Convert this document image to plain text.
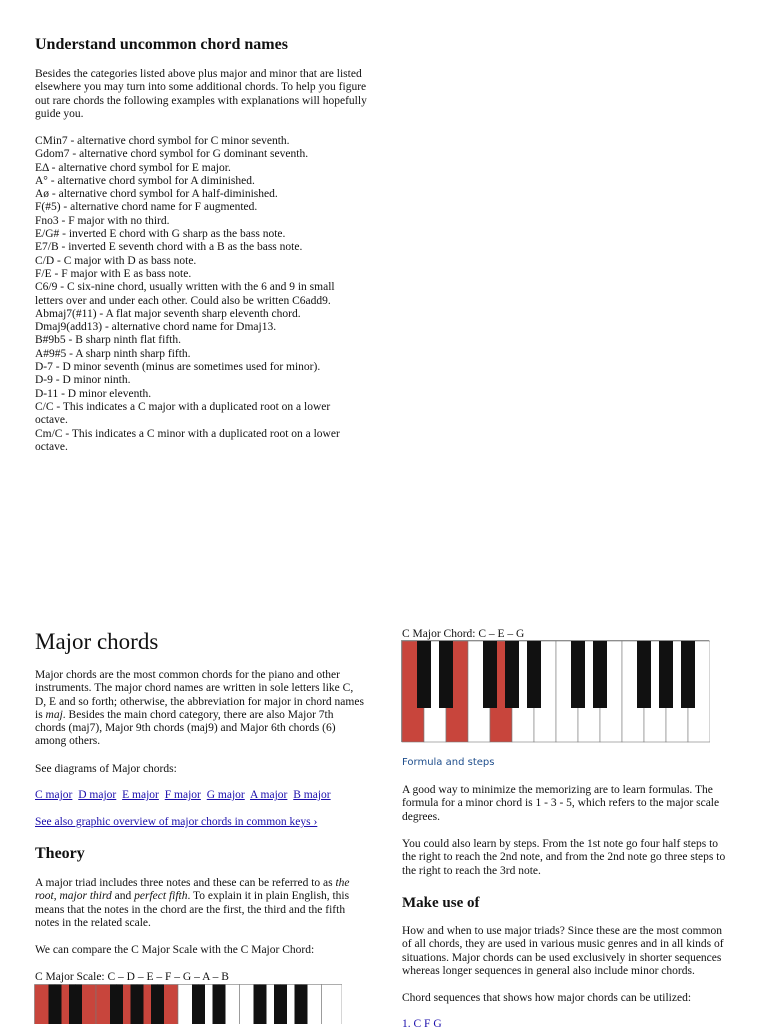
Understand uncommon chord names
Besides the categories listed above plus major and minor that are listed elsewhere you may turn into some additional chords. To help you figure out rare chords the following examples with explanations will hopefully guide you.
CMin7 - alternative chord symbol for C minor seventh.
Gdom7 - alternative chord symbol for G dominant seventh.
EΔ - alternative chord symbol for E major.
A° - alternative chord symbol for A diminished.
Aø - alternative chord symbol for A half-diminished.
F(#5) - alternative chord name for F augmented.
Fno3 - F major with no third.
E/G# - inverted E chord with G sharp as the bass note.
E7/B - inverted E seventh chord with a B as the bass note.
C/D - C major with D as bass note.
F/E - F major with E as bass note.
C6/9 - C six-nine chord, usually written with the 6 and 9 in small letters over and under each other. Could also be written C6add9.
Abmaj7(#11) - A flat major seventh sharp eleventh chord.
Dmaj9(add13) - alternative chord name for Dmaj13.
B#9b5 - B sharp ninth flat fifth.
A#9#5 - A sharp ninth sharp fifth.
D-7 - D minor seventh (minus are sometimes used for minor).
D-9 - D minor ninth.
D-11 - D minor eleventh.
C/C - This indicates a C major with a duplicated root on a lower octave.
Cm/C - This indicates a C minor with a duplicated root on a lower octave.
Major chords
Major chords are the most common chords for the piano and other instruments. The major chord names are written in sole letters like C, D, E and so forth; otherwise, the abbreviation for major in chord names is maj. Besides the main chord category, there are also Major 7th chords (maj7), Major 9th chords (maj9) and Major 6th chords (6) among others.
See diagrams of Major chords:
C major D major E major F major G major A major B major
See also graphic overview of major chords in common keys ›
Theory
A major triad includes three notes and these can be referred to as the root, major third and perfect fifth. To explain it in plain English, this means that the notes in the chord are the first, the third and the fifth notes in the related scale.
We can compare the C Major Scale with the C Major Chord:
C Major Scale: C – D – E – F – G – A – B
C Major Chord: C – E – G
Formula and steps
A good way to minimize the memorizing are to learn formulas. The formula for a minor chord is 1 - 3 - 5, which refers to the major scale degrees.
You could also learn by steps. From the 1st note go four half steps to the right to reach the 2nd note, and from the 2nd note go three steps to the right to reach the 3rd note.
Make use of
How and when to use major triads? Since these are the most common of all chords, they are used in various music genres and in all kinds of situations. Major chords can be used exclusively in shorter sequences whereas longer sequences in general also include minor chords.
Chord sequences that shows how major chords can be utilized:
1. C F G
